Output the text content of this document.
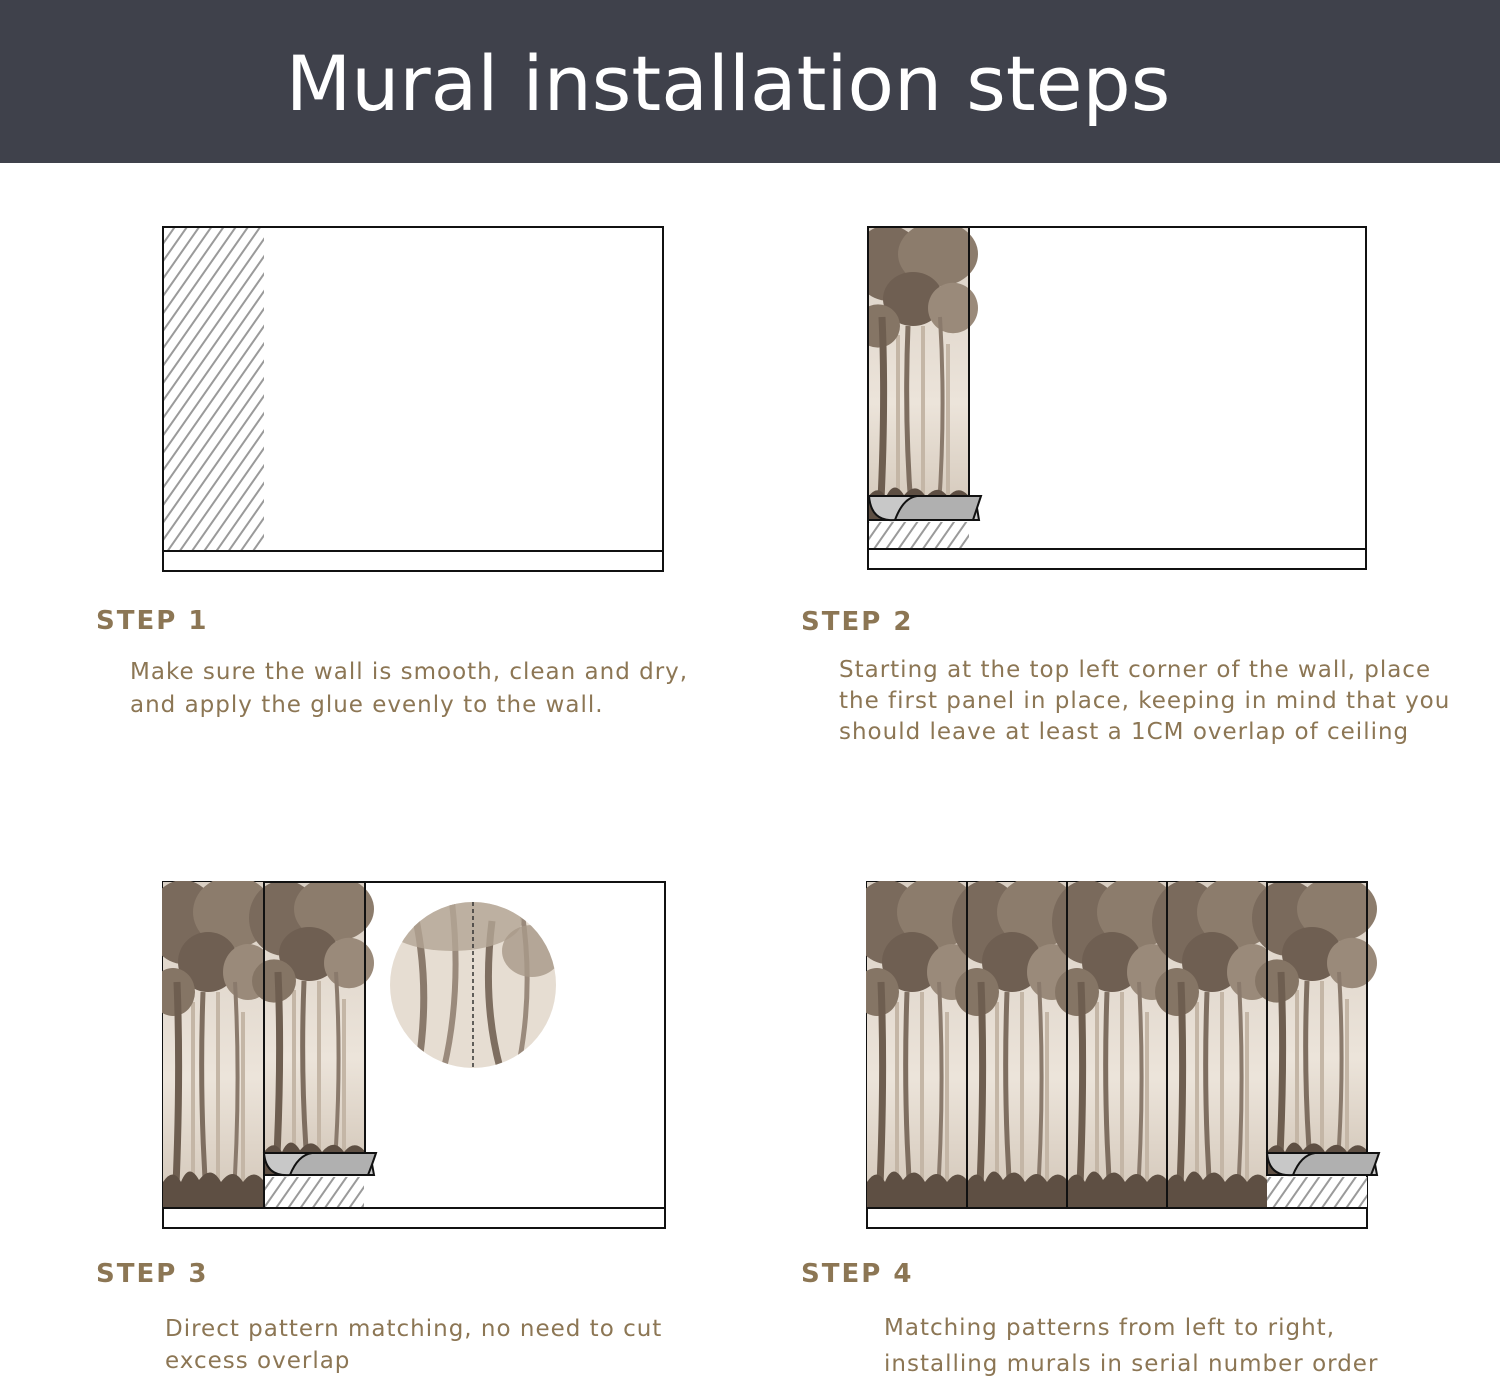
Mural installation steps
STEP 1
Make sure the wall is smooth, clean and dry,
and apply the glue evenly to the wall.
STEP 2
Starting at the top left corner of the wall, place
the first panel in place, keeping in mind that you
should leave at least a 1CM overlap of ceiling
STEP 3
Direct pattern matching, no need to cut
excess overlap
STEP 4
Matching patterns from left to right,
installing murals in serial number order
